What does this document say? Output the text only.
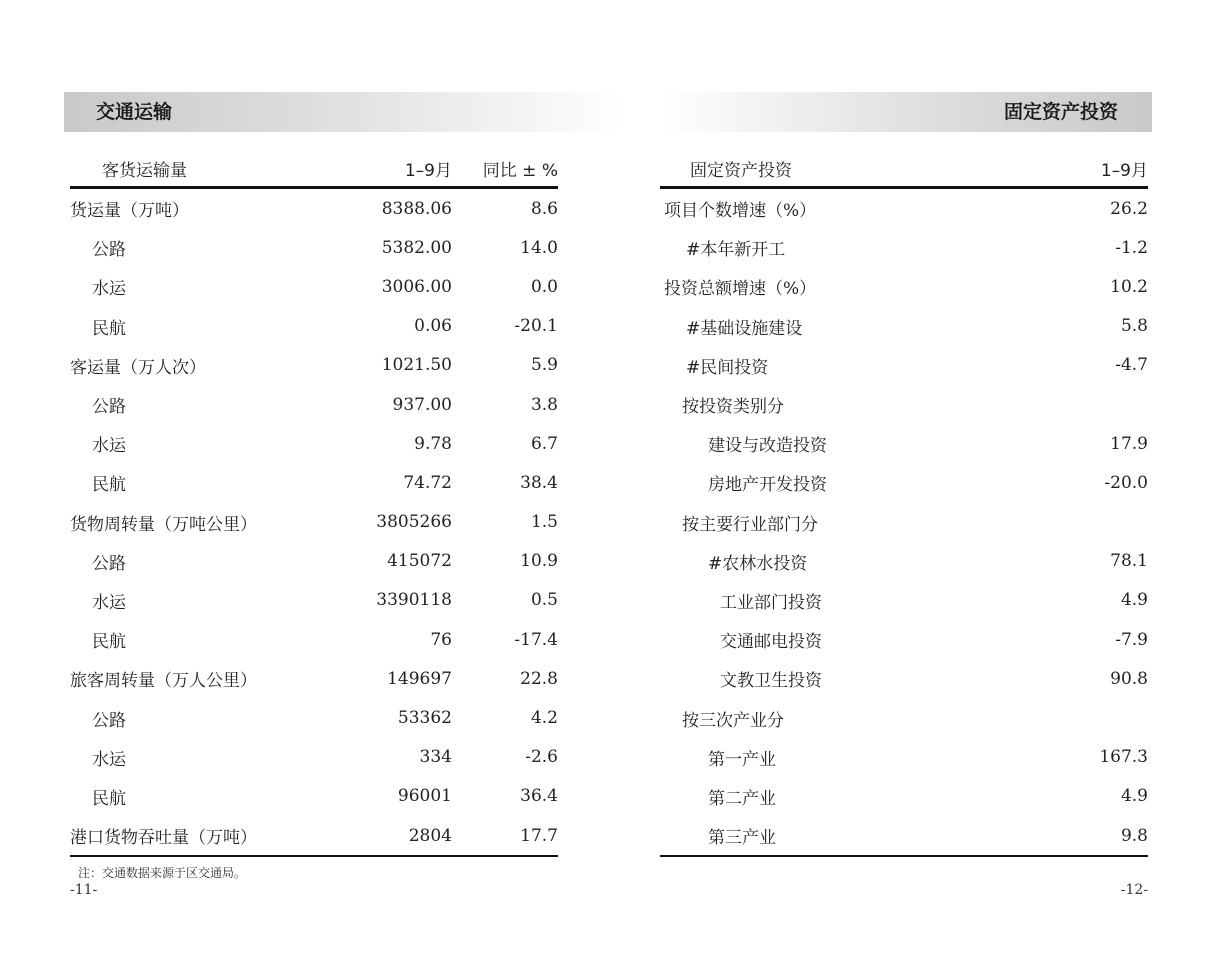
交通运输
客货运输量	1–9月	同比 ± %
货运量（万吨）	8388.06	8.6
公路	5382.00	14.0
水运	3006.00	0.0
民航	0.06	-20.1
客运量（万人次）	1021.50	5.9
公路	937.00	3.8
水运	9.78	6.7
民航	74.72	38.4
货物周转量（万吨公里）	3805266	1.5
公路	415072	10.9
水运	3390118	0.5
民航	76	-17.4
旅客周转量（万人公里）	149697	22.8
公路	53362	4.2
水运	334	-2.6
民航	96001	36.4
港口货物吞吐量（万吨）	2804	17.7
注：交通数据来源于区交通局。
-11-
固定资产投资
固定资产投资	1–9月
项目个数增速（%）	26.2
#本年新开工	-1.2
投资总额增速（%）	10.2
#基础设施建设	5.8
#民间投资	-4.7
按投资类别分	
建设与改造投资	17.9
房地产开发投资	-20.0
按主要行业部门分	
#农林水投资	78.1
工业部门投资	4.9
交通邮电投资	-7.9
文教卫生投资	90.8
按三次产业分	
第一产业	167.3
第二产业	4.9
第三产业	9.8
-12-
